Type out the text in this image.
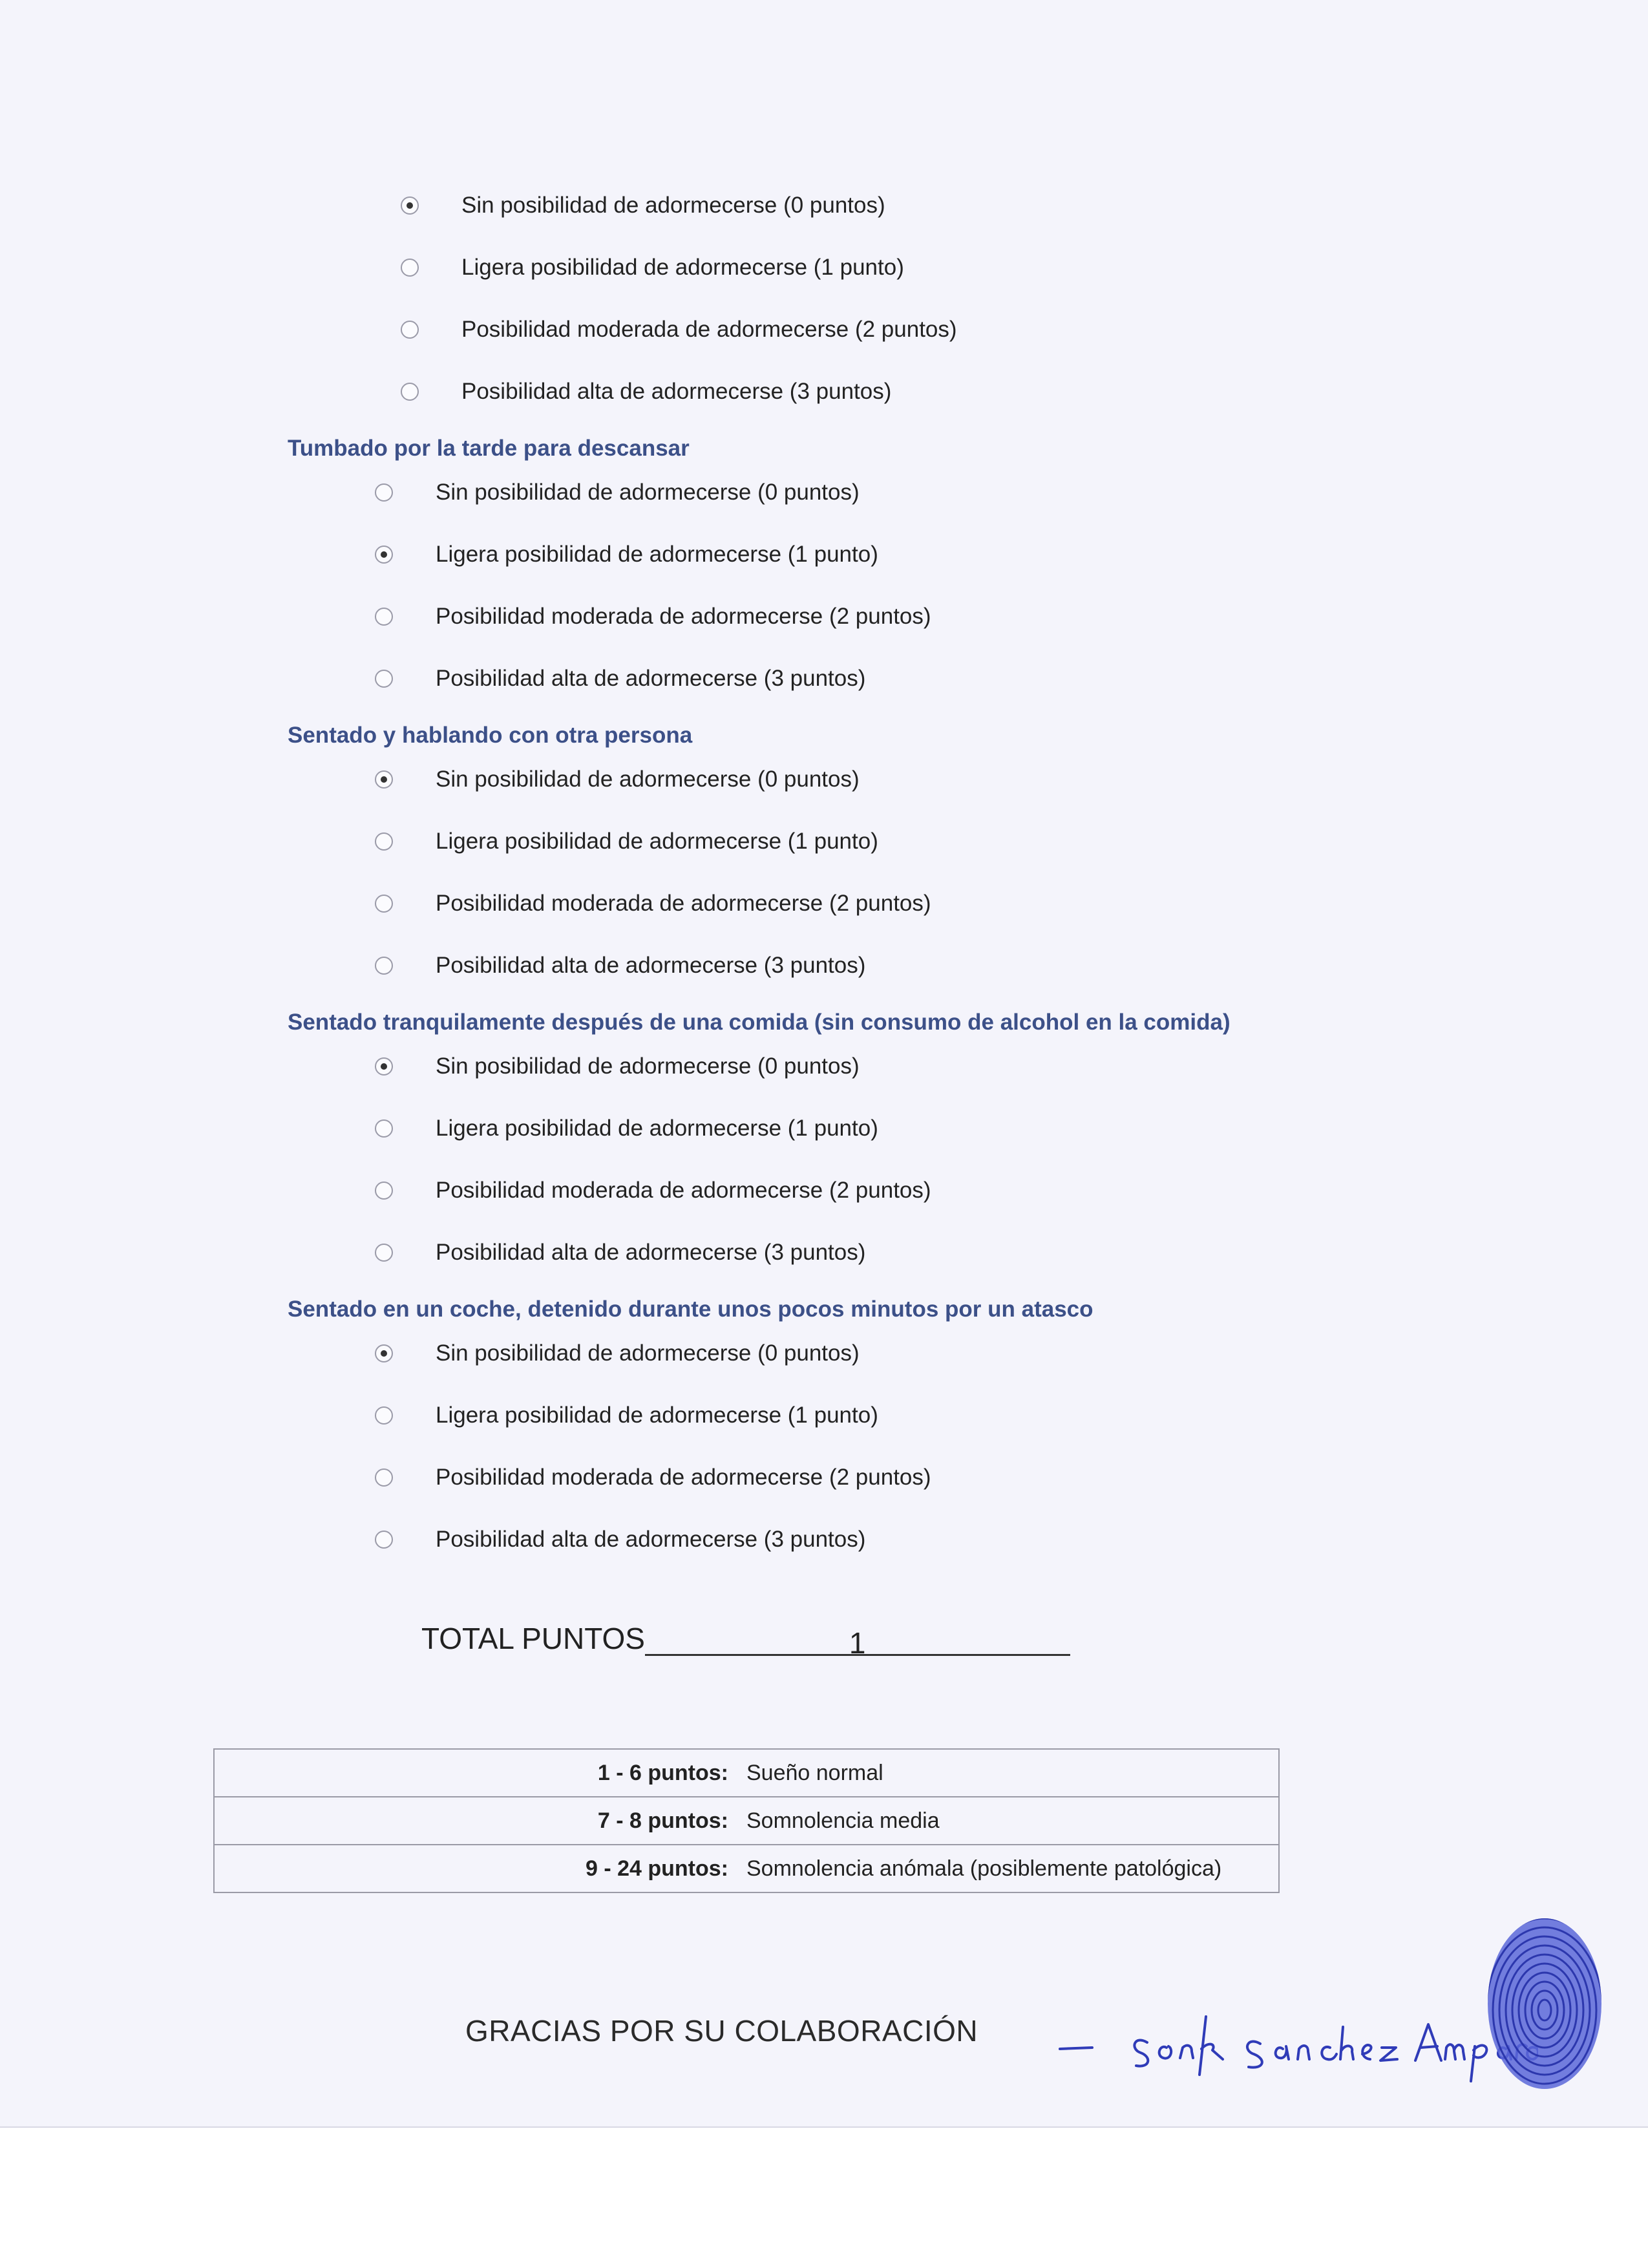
Sin posibilidad de adormecerse (0 puntos)
Ligera posibilidad de adormecerse (1 punto)
Posibilidad moderada de adormecerse (2 puntos)
Posibilidad alta de adormecerse (3 puntos)
Tumbado por la tarde para descansar
Sin posibilidad de adormecerse (0 puntos)
Ligera posibilidad de adormecerse (1 punto)
Posibilidad moderada de adormecerse (2 puntos)
Posibilidad alta de adormecerse (3 puntos)
Sentado y hablando con otra persona
Sin posibilidad de adormecerse (0 puntos)
Ligera posibilidad de adormecerse (1 punto)
Posibilidad moderada de adormecerse (2 puntos)
Posibilidad alta de adormecerse (3 puntos)
Sentado tranquilamente después de una comida (sin consumo de alcohol en la comida)
Sin posibilidad de adormecerse (0 puntos)
Ligera posibilidad de adormecerse (1 punto)
Posibilidad moderada de adormecerse (2 puntos)
Posibilidad alta de adormecerse (3 puntos)
Sentado en un coche, detenido durante unos pocos minutos por un atasco
Sin posibilidad de adormecerse (0 puntos)
Ligera posibilidad de adormecerse (1 punto)
Posibilidad moderada de adormecerse (2 puntos)
Posibilidad alta de adormecerse (3 puntos)
TOTAL PUNTOS	1
1 - 6 puntos:	Sueño normal
7 - 8 puntos:	Somnolencia media
9 - 24 puntos:	Somnolencia anómala (posiblemente patológica)
GRACIAS POR SU COLABORACIÓN
